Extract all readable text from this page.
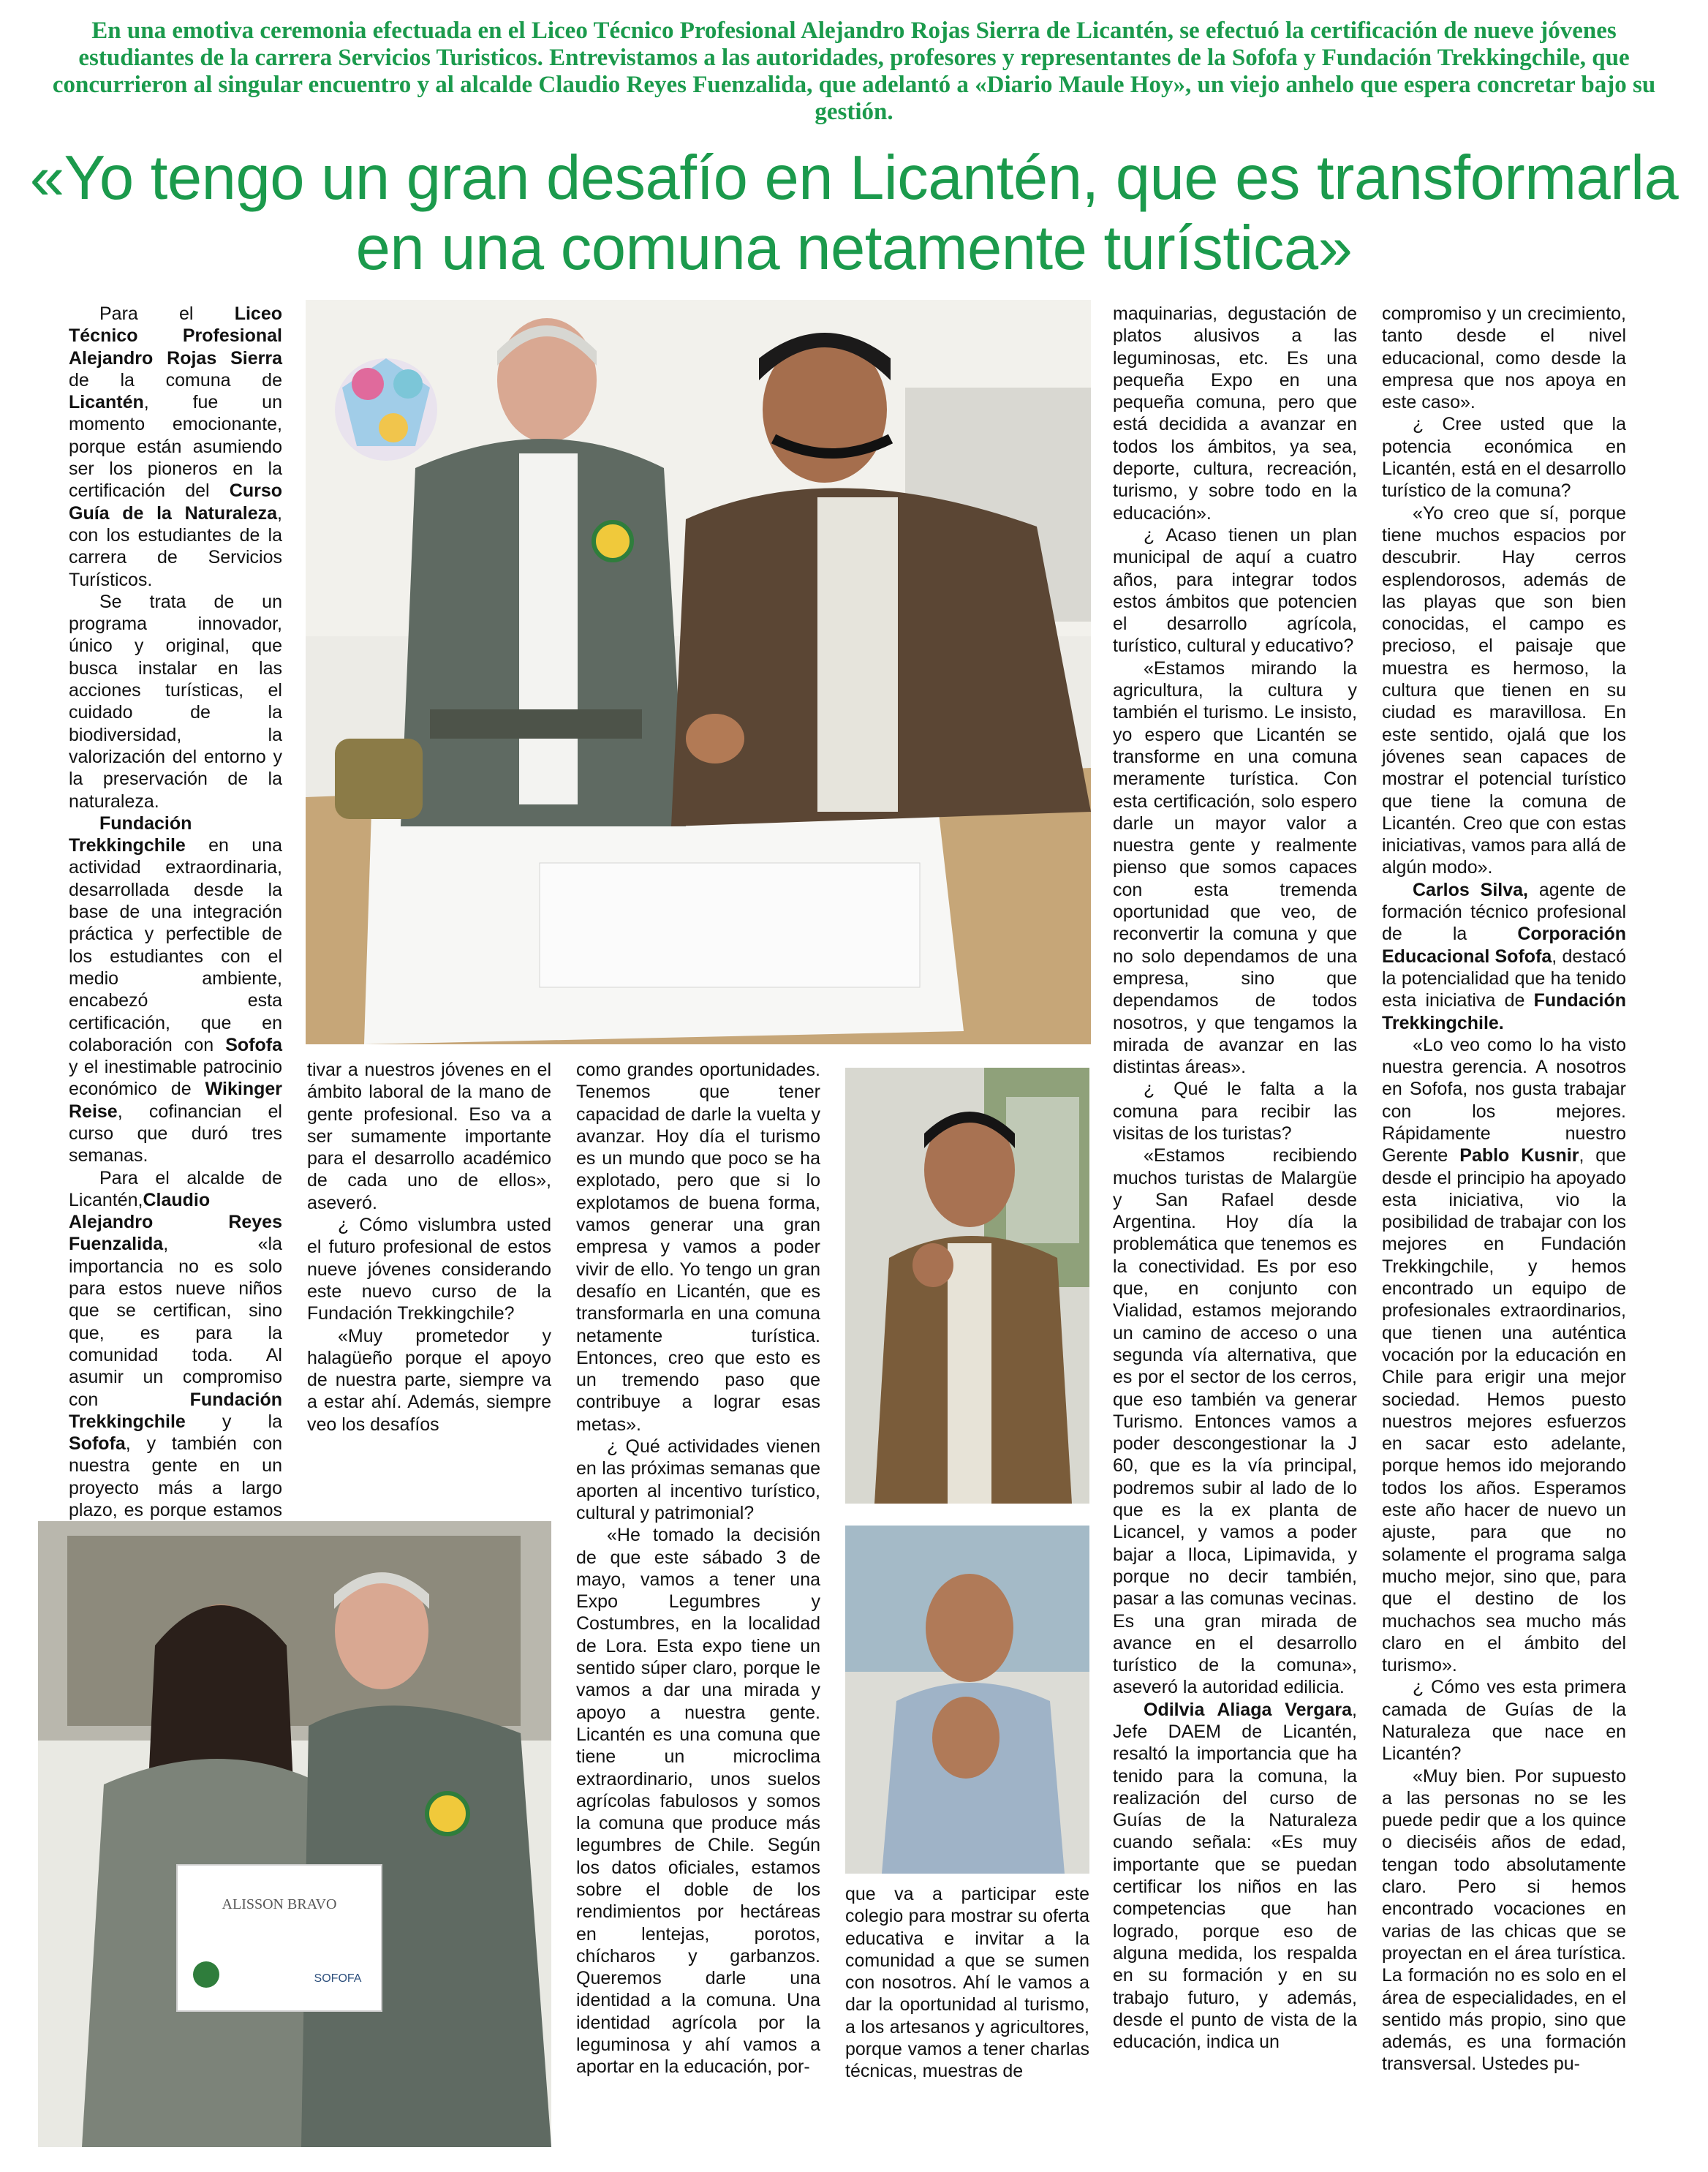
En una emotiva ceremonia efectuada en el Liceo Técnico Profesional Alejandro Rojas Sierra de Licantén, se efectuó la certificación de nueve jóvenes estudiantes de la carrera Servicios Turisticos. Entrevistamos a las autoridades, profesores y representantes de la Sofofa y Fundación Trekkingchile, que concurrieron al singular encuentro y al alcalde Claudio Reyes Fuenzalida, que adelantó a «Diario Maule Hoy», un viejo anhelo que espera concretar bajo su gestión.

«Yo tengo un gran desafío en Licantén, que es transformarla en una comuna netamente turística»

Para el Liceo Técnico Profesional Alejandro Rojas Sierra de la comuna de Licantén, fue un momento emocionante, porque están asumiendo ser los pioneros en la certificación del Curso Guía de la Naturaleza, con los estudiantes de la carrera de Servicios Turísticos.

Se trata de un programa innovador, único y original, que busca instalar en las acciones turísticas, el cuidado de la biodiversidad, la valorización del entorno y la preservación de la naturaleza.

Fundación Trekkingchile en una actividad extraordinaria, desarrollada desde la base de una integración práctica y perfectible de los estudiantes con el medio ambiente, encabezó esta certificación, que en colaboración con Sofofa y el inestimable patrocinio económico de Wikinger Reise, cofinancian el curso que duró tres semanas.

Para el alcalde de Licantén,Claudio Alejandro Reyes Fuenzalida, «la importancia no es solo para estos nueve niños que se certifican, sino que, es para la comunidad toda. Al asumir un compromiso con Fundación Trekkingchile y la Sofofa, y también con nuestra gente en un proyecto más a largo plazo, es porque estamos

tivar a nuestros jóvenes en el ámbito laboral de la mano de gente profesional. Eso va a ser sumamente importante para el desarrollo académico de cada uno de ellos», aseveró.

¿ Cómo vislumbra usted el futuro profesional de estos nueve jóvenes considerando este nuevo curso de la Fundación Trekkingchile?

«Muy prometedor y halagüeño porque el apoyo de nuestra parte, siempre va a estar ahí. Además, siempre veo los desafíos

como grandes oportunidades. Tenemos que tener capacidad de darle la vuelta y avanzar. Hoy día el turismo es un mundo que poco se ha explotado, pero que si lo explotamos de buena forma, vamos generar una gran empresa y vamos a poder vivir de ello. Yo tengo un gran desafío en Licantén, que es transformarla en una comuna netamente turística. Entonces, creo que esto es un tremendo paso que contribuye a lograr esas metas».

¿ Qué actividades vienen en las próximas semanas que aporten al incentivo turístico, cultural y patrimonial?

«He tomado la decisión de que este sábado 3 de mayo, vamos a tener una Expo Legumbres y Costumbres, en la localidad de Lora. Esta expo tiene un sentido súper claro, porque le vamos a dar una mirada y apoyo a nuestra gente. Licantén es una comuna que tiene un microclima extraordinario, unos suelos agrícolas fabulosos y somos la comuna que produce más legumbres de Chile. Según los datos oficiales, estamos sobre el doble de los rendimientos por hectáreas en lentejas, porotos, chícharos y garbanzos. Queremos darle una identidad a la comuna. Una identidad agrícola por la leguminosa y ahí vamos a aportar en la educación, por-

que va a participar este colegio para mostrar su oferta educativa e invitar a la comunidad a que se sumen con nosotros. Ahí le vamos a dar la oportunidad al turismo, a los artesanos y agricultores, porque vamos a tener charlas técnicas, muestras de

ALISSON BRAVO
SOFOFA

maquinarias, degustación de platos alusivos a las leguminosas, etc. Es una pequeña Expo en una pequeña comuna, pero que está decidida a avanzar en todos los ámbitos, ya sea, deporte, cultura, recreación, turismo, y sobre todo en la educación».

¿ Acaso tienen un plan municipal de aquí a cuatro años, para integrar todos estos ámbitos que potencien el desarrollo agrícola, turístico, cultural y educativo?

«Estamos mirando la agricultura, la cultura y también el turismo. Le insisto, yo espero que Licantén se transforme en una comuna meramente turística. Con esta certificación, solo espero darle un mayor valor a nuestra gente y realmente pienso que somos capaces con esta tremenda oportunidad que veo, de reconvertir la comuna y que no solo dependamos de una empresa, sino que dependamos de todos nosotros, y que tengamos la mirada de avanzar en las distintas áreas».

¿ Qué le falta a la comuna para recibir las visitas de los turistas?

«Estamos recibiendo muchos turistas de Malargüe y San Rafael desde Argentina. Hoy día la problemática que tenemos es la conectividad. Es por eso que, en conjunto con Vialidad, estamos mejorando un camino de acceso o una segunda vía alternativa, que es por el sector de los cerros, que eso también va generar Turismo. Entonces vamos a poder descongestionar la J 60, que es la vía principal, podremos subir al lado de lo que es la ex planta de Licancel, y vamos a poder bajar a Iloca, Lipimavida, y porque no decir también, pasar a las comunas vecinas. Es una gran mirada de avance en el desarrollo turístico de la comuna», aseveró la autoridad edilicia.

Odilvia Aliaga Vergara, Jefe DAEM de Licantén, resaltó la importancia que ha tenido para la comuna, la realización del curso de Guías de la Naturaleza cuando señala: «Es muy importante que se puedan certificar los niños en las competencias que han logrado, porque eso de alguna medida, los respalda en su formación y en su trabajo futuro, y además, desde el punto de vista de la educación, indica un

compromiso y un crecimiento, tanto desde el nivel educacional, como desde la empresa que nos apoya en este caso».

¿ Cree usted que la potencia económica en Licantén, está en el desarrollo turístico de la comuna?

«Yo creo que sí, porque tiene muchos espacios por descubrir. Hay cerros esplendorosos, además de las playas que son bien conocidas, el campo es precioso, el paisaje que muestra es hermoso, la cultura que tienen en su ciudad es maravillosa. En este sentido, ojalá que los jóvenes sean capaces de mostrar el potencial turístico que tiene la comuna de Licantén. Creo que con estas iniciativas, vamos para allá de algún modo».

Carlos Silva, agente de formación técnico profesional de la Corporación Educacional Sofofa, destacó la potencialidad que ha tenido esta iniciativa de Fundación Trekkingchile.

«Lo veo como lo ha visto nuestra gerencia. A nosotros en Sofofa, nos gusta trabajar con los mejores. Rápidamente nuestro Gerente Pablo Kusnir, que desde el principio ha apoyado esta iniciativa, vio la posibilidad de trabajar con los mejores en Fundación Trekkingchile, y hemos encontrado un equipo de profesionales extraordinarios, que tienen una auténtica vocación por la educación en Chile para erigir una mejor sociedad. Hemos puesto nuestros mejores esfuerzos en sacar esto adelante, porque hemos ido mejorando todos los años. Esperamos este año hacer de nuevo un ajuste, para que no solamente el programa salga mucho mejor, sino que, para que el destino de los muchachos sea mucho más claro en el ámbito del turismo».

¿ Cómo ves esta primera camada de Guías de la Naturaleza que nace en Licantén?

«Muy bien. Por supuesto a las personas no se les puede pedir que a los quince o dieciséis años de edad, tengan todo absolutamente claro. Pero si hemos encontrado vocaciones en varias de las chicas que se proyectan en el área turística. La formación no es solo en el área de especialidades, en el sentido más propio, sino que además, es una formación transversal. Ustedes pu-
